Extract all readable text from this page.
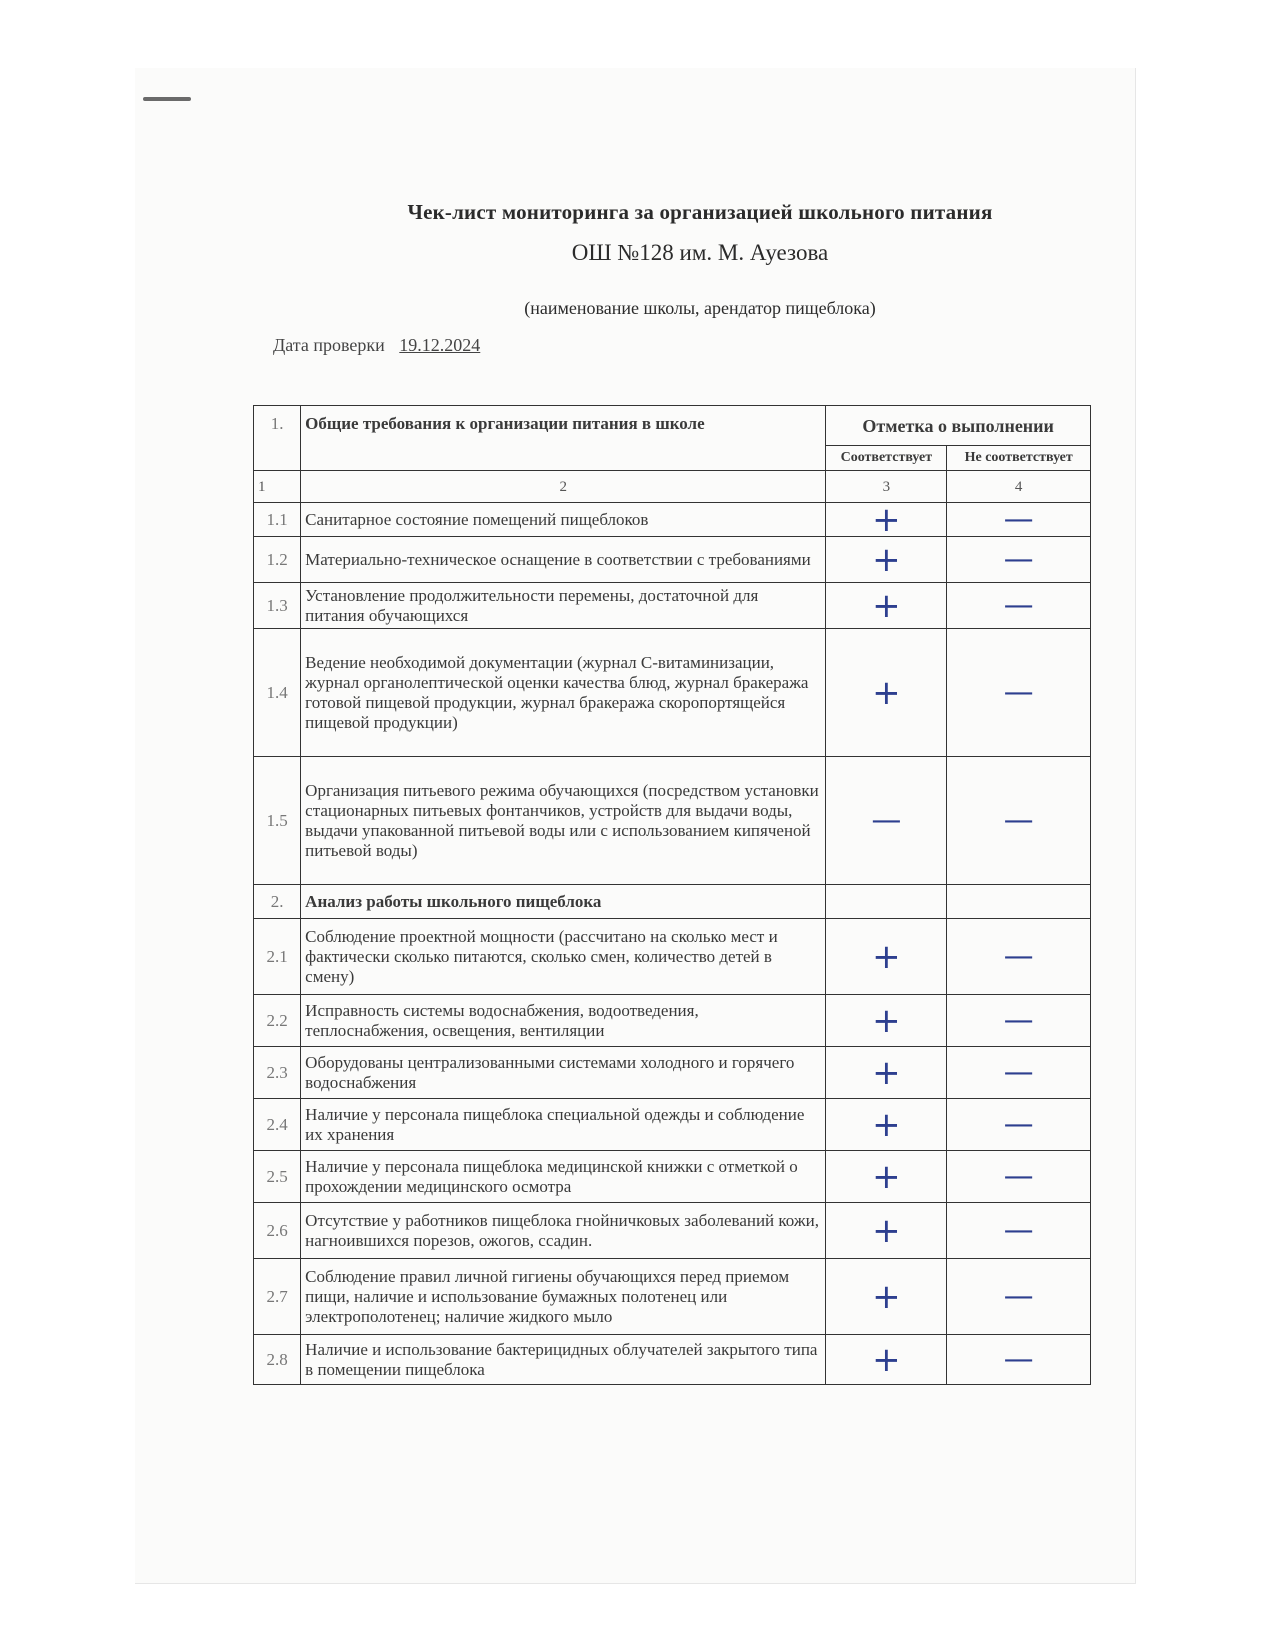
Чек-лист мониторинга за организацией школьного питания
ОШ №128 им. М. Ауезова
(наименование школы, арендатор пищеблока)
Дата проверки 19.12.2024
1.	Общие требования к организации питания в школе	Отметка о выполнении	
		Соответствует	Не соответствует
1	2	3	4
1.1	Санитарное состояние помещений пищеблоков	+	—
1.2	Материально-техническое оснащение в соответствии с требованиями	+	—
1.3	Установление продолжительности перемены, достаточной для питания обучающихся	+	—
1.4	Ведение необходимой документации (журнал С-витаминизации, журнал органолептической оценки качества блюд, журнал бракеража готовой пищевой продукции, журнал бракеража скоропортящейся пищевой продукции)	+	—
1.5	Организация питьевого режима обучающихся (посредством установки стационарных питьевых фонтанчиков, устройств для выдачи воды, выдачи упакованной питьевой воды или с использованием кипяченой питьевой воды)	—	—
2.	Анализ работы школьного пищеблока		
2.1	Соблюдение проектной мощности (расcчитано на сколько мест и фактически сколько питаются, сколько смен, количество детей в смену)	+	—
2.2	Исправность системы водоснабжения, водоотведения, теплоснабжения, освещения, вентиляции	+	—
2.3	Оборудованы централизованными системами холодного и горячего водоснабжения	+	—
2.4	Наличие у персонала пищеблока специальной одежды и соблюдение их хранения	+	—
2.5	Наличие у персонала пищеблока медицинской книжки с отметкой о прохождении медицинского осмотра	+	—
2.6	Отсутствие у работников пищеблока гнойничковых заболеваний кожи, нагноившихся порезов, ожогов, ссадин.	+	—
2.7	Соблюдение правил личной гигиены обучающихся перед приемом пищи, наличие и использование бумажных полотенец или электрополотенец; наличие жидкого мыло	+	—
2.8	Наличие и использование бактерицидных облучателей закрытого типа в помещении пищеблока	+	—
